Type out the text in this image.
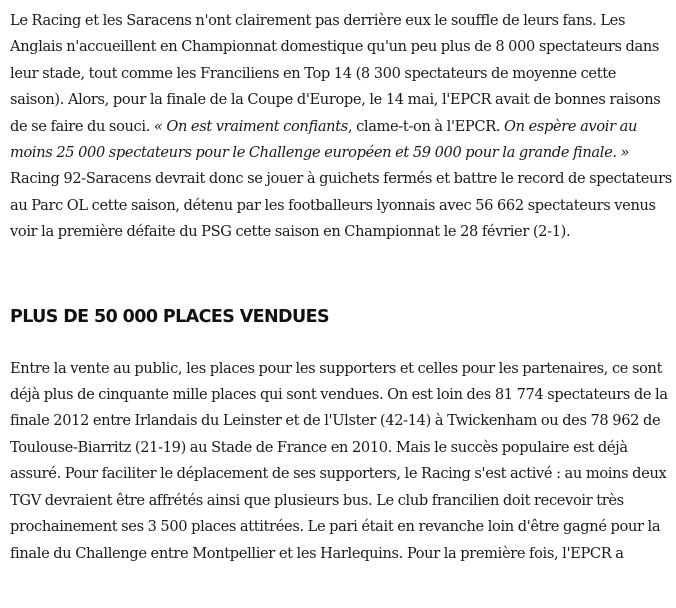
Le Racing et les Saracens n'ont clairement pas derrière eux le souffle de leurs fans. Les Anglais n'accueillent en Championnat domestique qu'un peu plus de 8 000 spectateurs dans leur stade, tout comme les Franciliens en Top 14 (8 300 spectateurs de moyenne cette saison). Alors, pour la finale de la Coupe d'Europe, le 14 mai, l'EPCR avait de bonnes raisons de se faire du souci. « On est vraiment confiants, clame-t-on à l'EPCR. On espère avoir au moins 25 000 spectateurs pour le Challenge européen et 59 000 pour la grande finale. » Racing 92-Saracens devrait donc se jouer à guichets fermés et battre le record de spectateurs au Parc OL cette saison, détenu par les footballeurs lyonnais avec 56 662 spectateurs venus voir la première défaite du PSG cette saison en Championnat le 28 février (2-1).

PLUS DE 50 000 PLACES VENDUES

Entre la vente au public, les places pour les supporters et celles pour les partenaires, ce sont déjà plus de cinquante mille places qui sont vendues. On est loin des 81 774 spectateurs de la finale 2012 entre Irlandais du Leinster et de l'Ulster (42-14) à Twickenham ou des 78 962 de Toulouse-Biarritz (21-19) au Stade de France en 2010. Mais le succès populaire est déjà assuré. Pour faciliter le déplacement de ses supporters, le Racing s'est activé : au moins deux TGV devraient être affrétés ainsi que plusieurs bus. Le club francilien doit recevoir très prochainement ses 3 500 places attitrées. Le pari était en revanche loin d'être gagné pour la finale du Challenge entre Montpellier et les Harlequins. Pour la première fois, l'EPCR a
